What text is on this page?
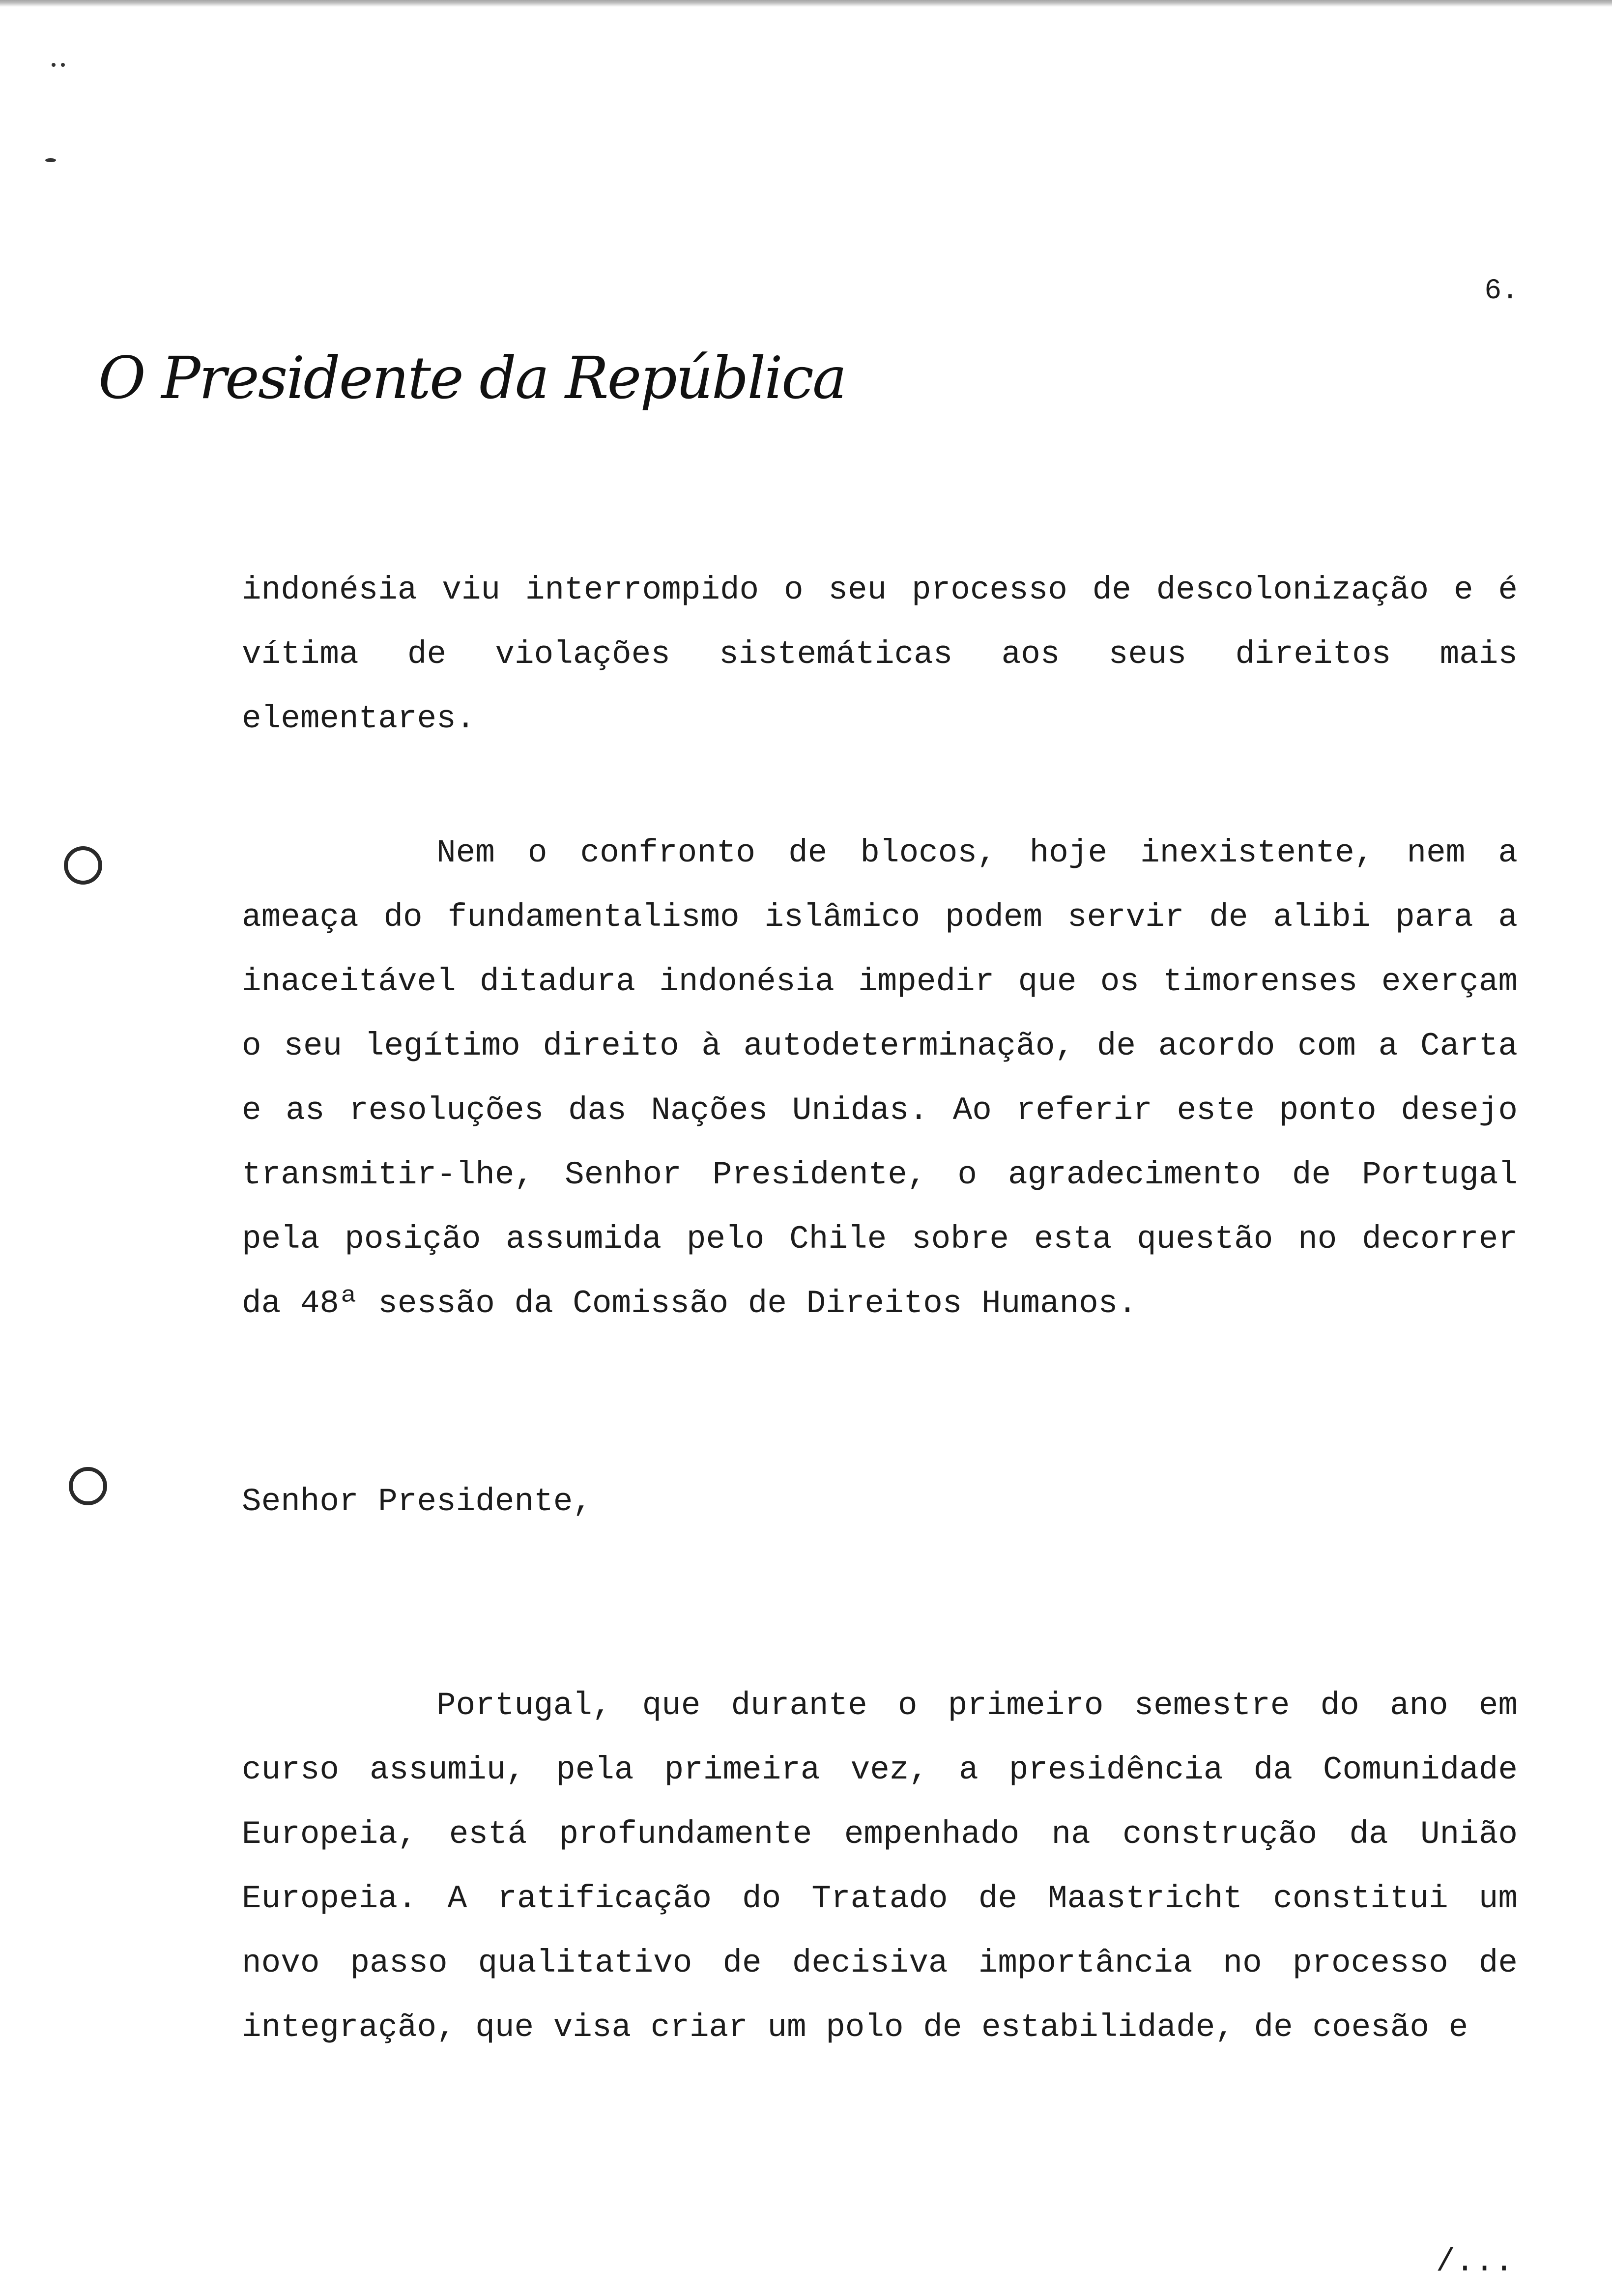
6.
O Presidente da República

indonésia viu interrompido o seu processo de descolonização e é vítima de violações sistemáticas aos seus direitos mais elementares.

Nem o confronto de blocos, hoje inexistente, nem a ameaça do fundamentalismo islâmico podem servir de alibi para a inaceitável ditadura indonésia impedir que os timorenses exerçam o seu legítimo direito à autodeterminação, de acordo com a Carta e as resoluções das Nações Unidas. Ao referir este ponto desejo transmitir-lhe, Senhor Presidente, o agradecimento de Portugal pela posição assumida pelo Chile sobre esta questão no decorrer da 48ª sessão da Comissão de Direitos Humanos.

Senhor Presidente,

Portugal, que durante o primeiro semestre do ano em curso assumiu, pela primeira vez, a presidência da Comunidade Europeia, está profundamente empenhado na construção da União Europeia. A ratificação do Tratado de Maastricht constitui um novo passo qualitativo de decisiva importância no processo de integração, que visa criar um polo de estabilidade, de coesão e

/...
